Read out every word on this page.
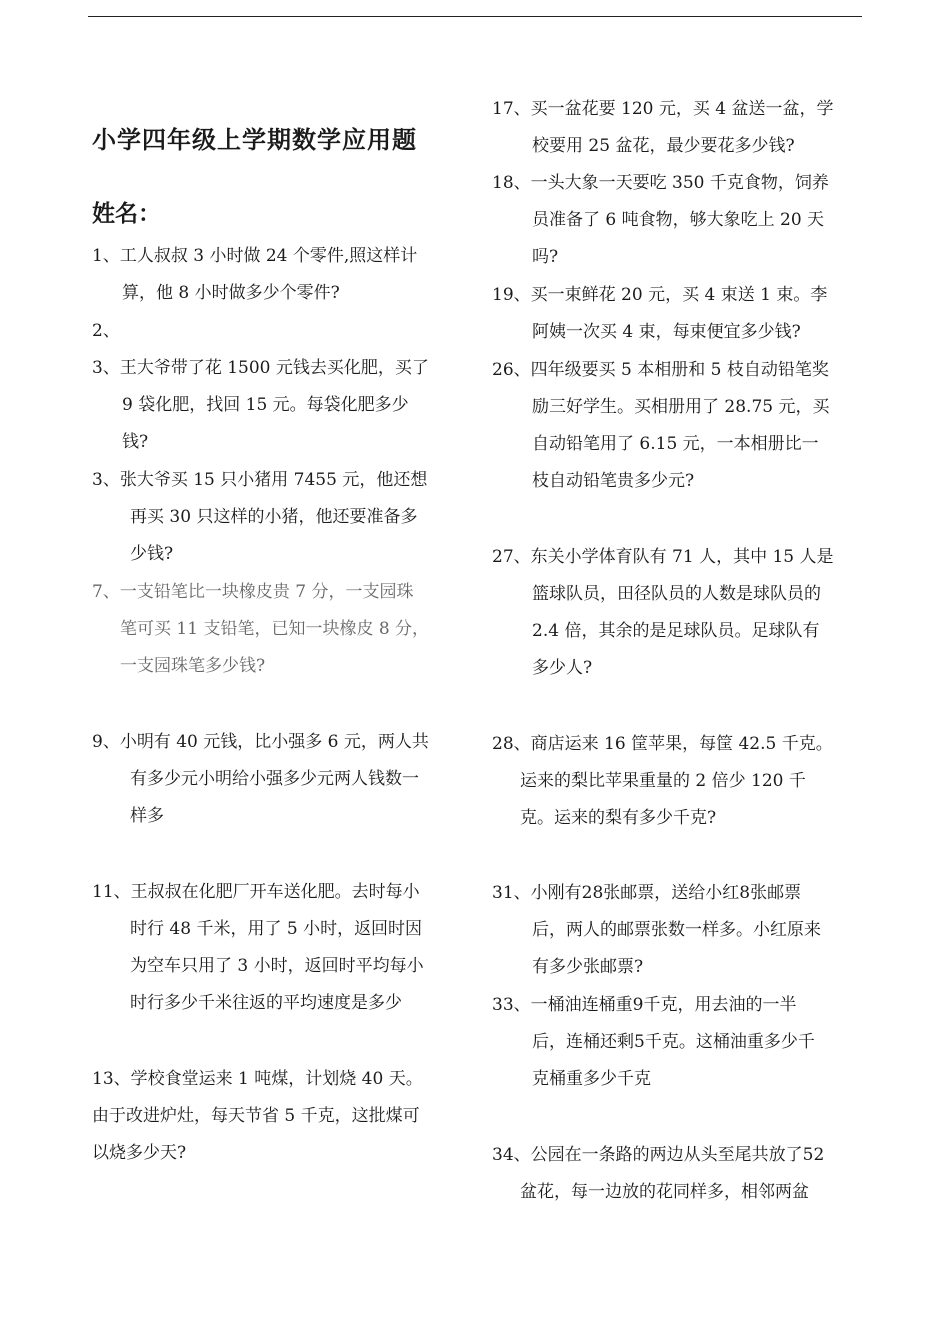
小学四年级上学期数学应用题
姓名：
1、工人叔叔 3 小时做 24 个零件,照这样计
算，他 8 小时做多少个零件?
2、
3、王大爷带了花 1500 元钱去买化肥，买了
9 袋化肥，找回 15 元。每袋化肥多少
钱?
3、张大爷买 15 只小猪用 7455 元，他还想
再买 30 只这样的小猪，他还要准备多
少钱?
7、一支铅笔比一块橡皮贵 7 分，一支园珠
笔可买 11 支铅笔，已知一块橡皮 8 分，
一支园珠笔多少钱?
9、小明有 40 元钱，比小强多 6 元，两人共
有多少元小明给小强多少元两人钱数一
样多
11、王叔叔在化肥厂开车送化肥。去时每小
时行 48 千米，用了 5 小时，返回时因
为空车只用了 3 小时，返回时平均每小
时行多少千米往返的平均速度是多少
13、学校食堂运来 1 吨煤，计划烧 40 天。
由于改进炉灶，每天节省 5 千克，这批煤可
以烧多少天?
17、买一盆花要 120 元，买 4 盆送一盆，学
校要用 25 盆花，最少要花多少钱?
18、一头大象一天要吃 350 千克食物，饲养
员准备了 6 吨食物，够大象吃上 20 天
吗?
19、买一束鲜花 20 元，买 4 束送 1 束。李
阿姨一次买 4 束，每束便宜多少钱?
26、四年级要买 5 本相册和 5 枝自动铅笔奖
励三好学生。买相册用了 28.75 元，买
自动铅笔用了 6.15 元，一本相册比一
枝自动铅笔贵多少元?
27、东关小学体育队有 71 人，其中 15 人是
篮球队员，田径队员的人数是球队员的
2.4 倍，其余的是足球队员。足球队有
多少人?
28、商店运来 16 筐苹果，每筐 42.5 千克。
运来的梨比苹果重量的 2 倍少 120 千
克。运来的梨有多少千克?
31、小刚有28张邮票，送给小红8张邮票
后，两人的邮票张数一样多。小红原来
有多少张邮票?
33、一桶油连桶重9千克，用去油的一半
后，连桶还剩5千克。这桶油重多少千
克桶重多少千克
34、公园在一条路的两边从头至尾共放了52
盆花，每一边放的花同样多，相邻两盆
